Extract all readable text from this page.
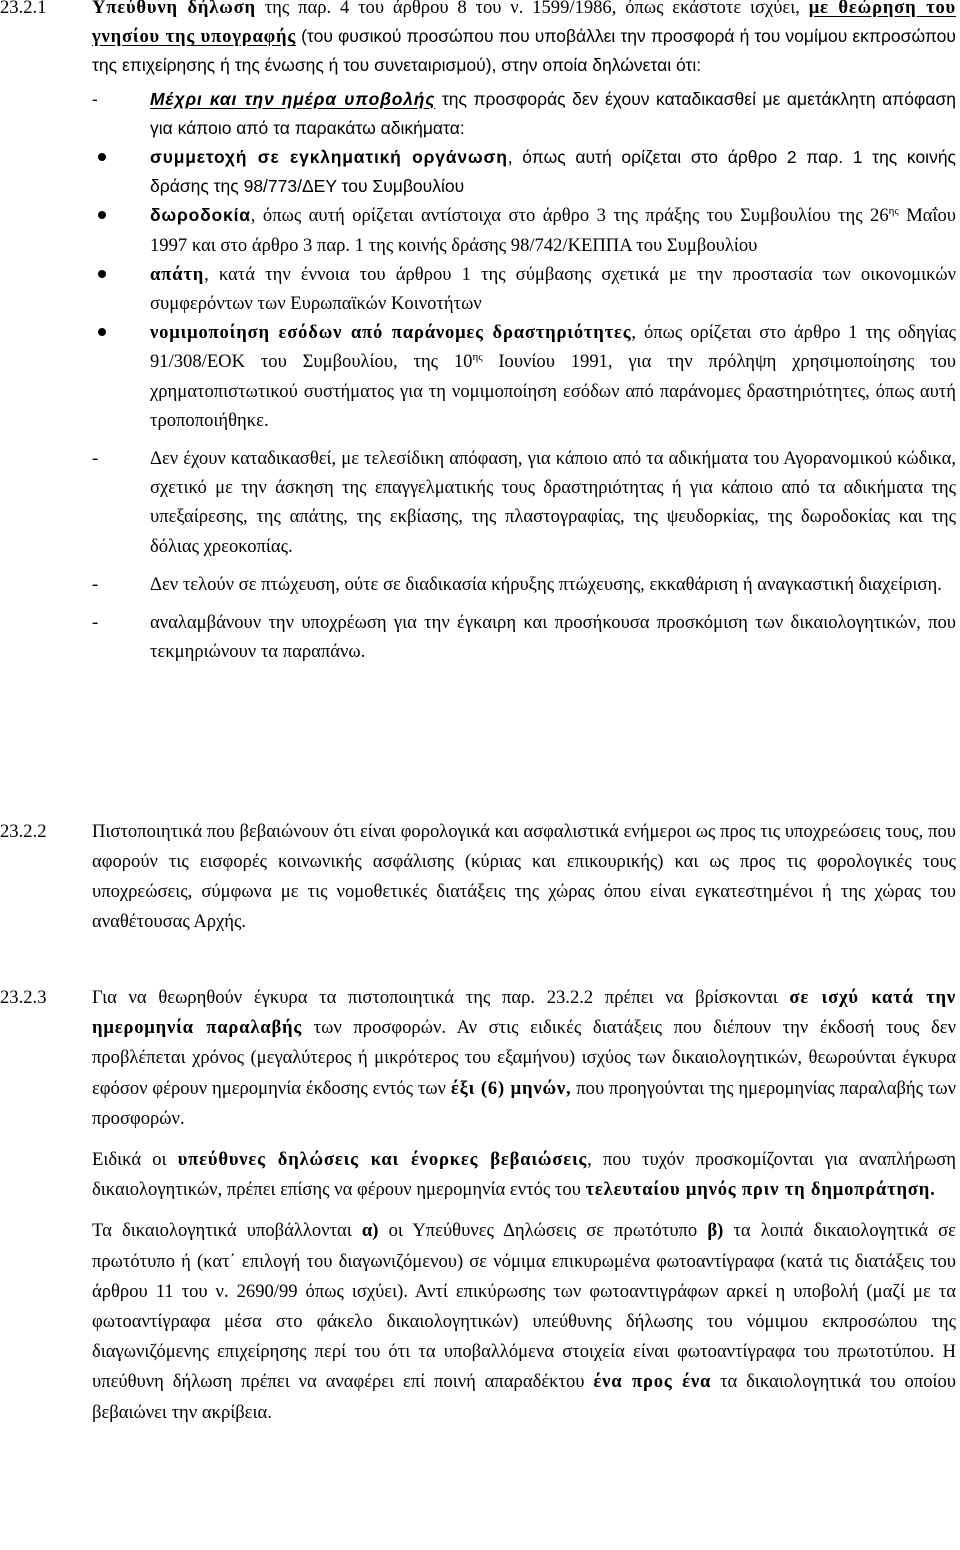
23.2.1 Υπεύθυνη δήλωση της παρ. 4 του άρθρου 8 του ν. 1599/1986, όπως εκάστοτε ισχύει, με θεώρηση του γνησίου της υπογραφής (του φυσικού προσώπου που υποβάλλει την προσφορά ή του νομίμου εκπροσώπου της επιχείρησης ή της ένωσης ή του συνεταιρισμού), στην οποία δηλώνεται ότι:

-	Μέχρι και την ημέρα υποβολής της προσφοράς δεν έχουν καταδικασθεί με αμετάκλητη απόφαση για κάποιο από τα παρακάτω αδικήματα:

συμμετοχή σε εγκληματική οργάνωση, όπως αυτή ορίζεται στο άρθρο 2 παρ. 1 της κοινής δράσης της 98/773/ΔΕΥ του Συμβουλίου
δωροδοκία, όπως αυτή ορίζεται αντίστοιχα στο άρθρο 3 της πράξης του Συμβουλίου της $26^{\eta\varsigma}$ Μαΐου 1997 και στο άρθρο 3 παρ. 1 της κοινής δράσης 98/742/ΚΕΠΠΑ του Συμβουλίου
απάτη, κατά την έννοια του άρθρου 1 της σύμβασης σχετικά με την προστασία των οικονομικών συμφερόντων των Ευρωπαϊκών Κοινοτήτων
νομιμοποίηση εσόδων από παράνομες δραστηριότητες, όπως ορίζεται στο άρθρο 1 της οδηγίας 91/308/ΕΟΚ του Συμβουλίου, της $10^{\eta\varsigma}$ Ιουνίου 1991, για την πρόληψη χρησιμοποίησης του χρηματοπιστωτικού συστήματος για τη νομιμοποίηση εσόδων από παράνομες δραστηριότητες, όπως αυτή τροποποιήθηκε.

-	Δεν έχουν καταδικασθεί, με τελεσίδικη απόφαση, για κάποιο από τα αδικήματα του Αγορανομικού κώδικα, σχετικό με την άσκηση της επαγγελματικής τους δραστηριότητας ή για κάποιο από τα αδικήματα της υπεξαίρεσης, της απάτης, της εκβίασης, της πλαστογραφίας, της ψευδορκίας, της δωροδοκίας και της δόλιας χρεοκοπίας.

-	Δεν τελούν σε πτώχευση, ούτε σε διαδικασία κήρυξης πτώχευσης, εκκαθάριση ή αναγκαστική διαχείριση.

-	αναλαμβάνουν την υποχρέωση για την έγκαιρη και προσήκουσα προσκόμιση των δικαιολογητικών, που τεκμηριώνουν τα παραπάνω.

23.2.2 Πιστοποιητικά που βεβαιώνουν ότι είναι φορολογικά και ασφαλιστικά ενήμεροι ως προς τις υποχρεώσεις τους, που αφορούν τις εισφορές κοινωνικής ασφάλισης (κύριας και επικουρικής) και ως προς τις φορολογικές τους υποχρεώσεις, σύμφωνα με τις νομοθετικές διατάξεις της χώρας όπου είναι εγκατεστημένοι ή της χώρας του αναθέτουσας Αρχής.

23.2.3 Για να θεωρηθούν έγκυρα τα πιστοποιητικά της παρ. 23.2.2 πρέπει να βρίσκονται σε ισχύ κατά την ημερομηνία παραλαβής των προσφορών. Αν στις ειδικές διατάξεις που διέπουν την έκδοσή τους δεν προβλέπεται χρόνος (μεγαλύτερος ή μικρότερος του εξαμήνου) ισχύος των δικαιολογητικών, θεωρούνται έγκυρα εφόσον φέρουν ημερομηνία έκδοσης εντός των έξι (6) μηνών, που προηγούνται της ημερομηνίας παραλαβής των προσφορών.

Ειδικά οι υπεύθυνες δηλώσεις και ένορκες βεβαιώσεις, που τυχόν προσκομίζονται για αναπλήρωση δικαιολογητικών, πρέπει επίσης να φέρουν ημερομηνία εντός του τελευταίου μηνός πριν τη δημοπράτηση.

Τα δικαιολογητικά υποβάλλονται α) οι Υπεύθυνες Δηλώσεις σε πρωτότυπο β) τα λοιπά δικαιολογητικά σε πρωτότυπο ή (κατ΄ επιλογή του διαγωνιζόμενου) σε νόμιμα επικυρωμένα φωτοαντίγραφα (κατά τις διατάξεις του άρθρου 11 του ν. 2690/99 όπως ισχύει). Αντί επικύρωσης των φωτοαντιγράφων αρκεί η υποβολή (μαζί με τα φωτοαντίγραφα μέσα στο φάκελο δικαιολογητικών) υπεύθυνης δήλωσης του νόμιμου εκπροσώπου της διαγωνιζόμενης επιχείρησης περί του ότι τα υποβαλλόμενα στοιχεία είναι φωτοαντίγραφα του πρωτοτύπου. Η υπεύθυνη δήλωση πρέπει να αναφέρει επί ποινή απαραδέκτου ένα προς ένα τα δικαιολογητικά του οποίου βεβαιώνει την ακρίβεια.
